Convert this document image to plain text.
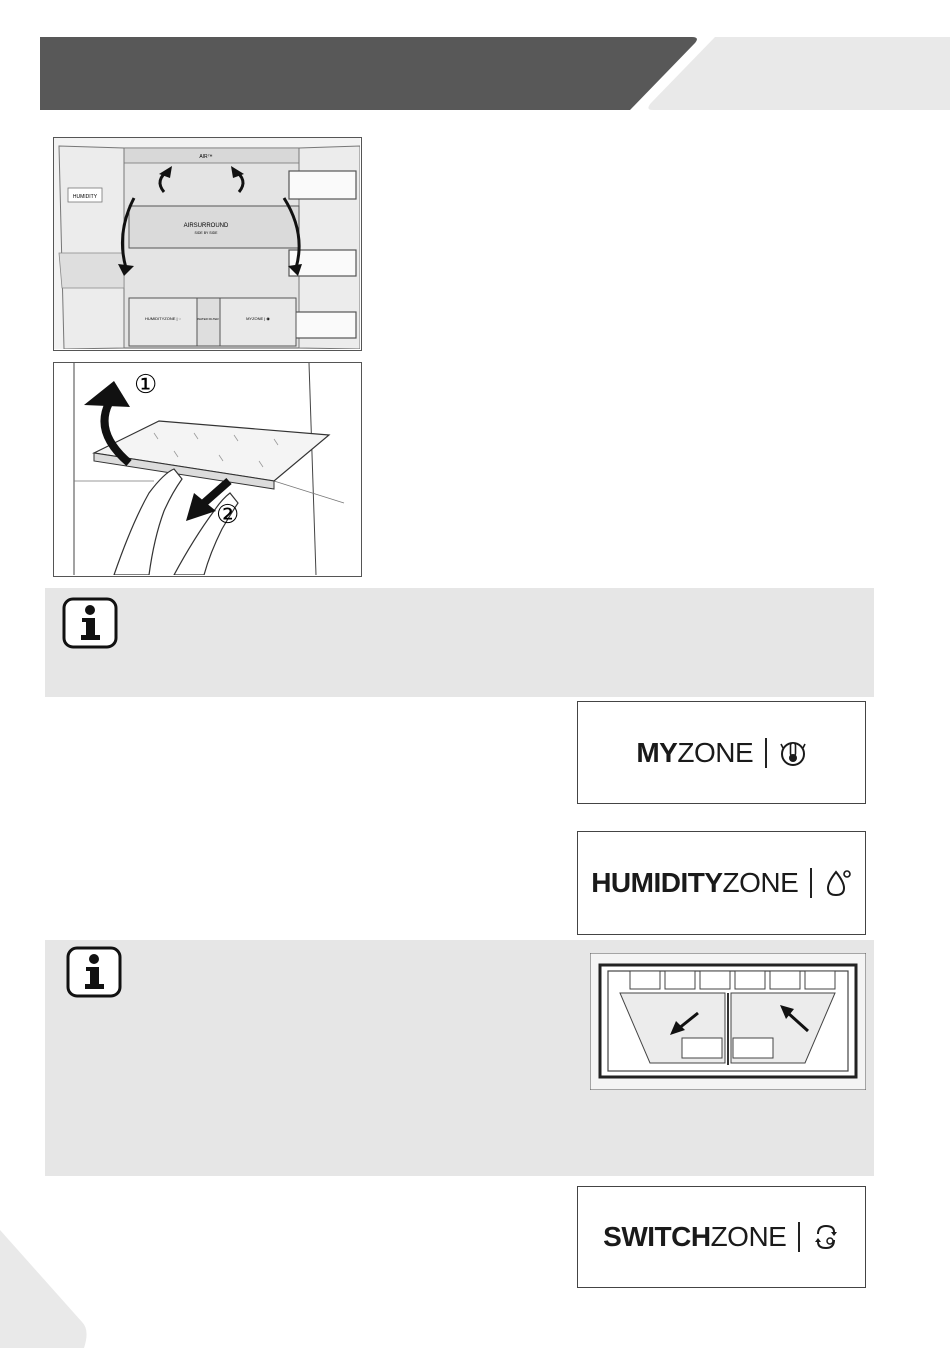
HUMIDITY
AIR™
AIRSURROUND
SIDE BY SIDE
HUMIDITYZONE | ◌	WATER FILTER	MYZONE | ◉
①
②
MY ZONE
HUMIDITY ZONE
SWITCH ZONE
